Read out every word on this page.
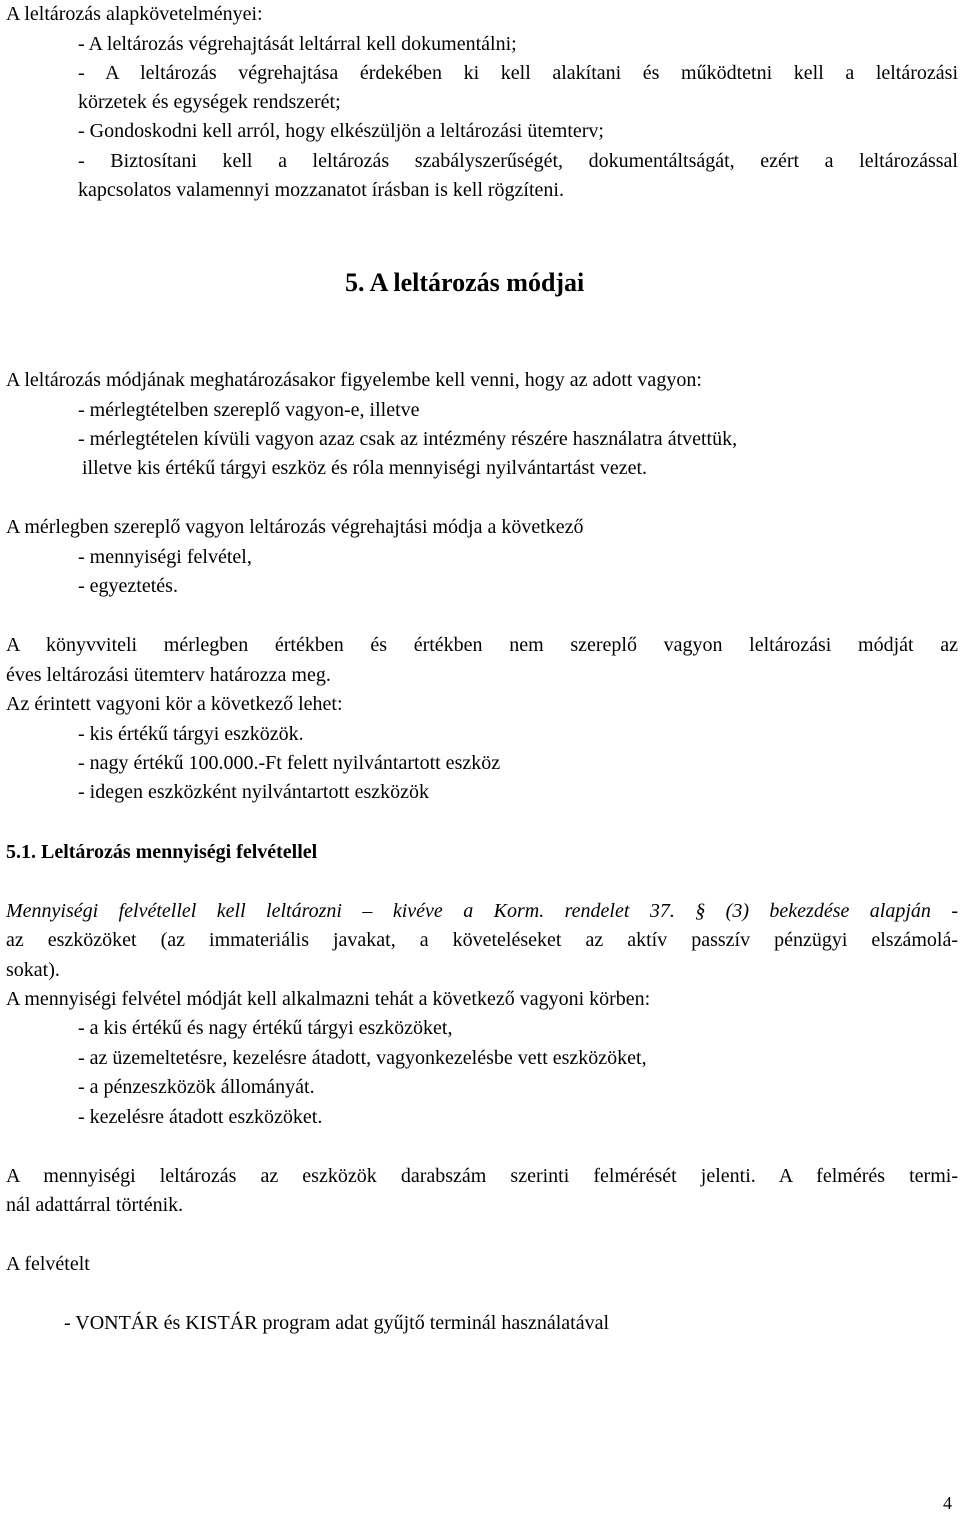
A leltározás alapkövetelményei:
- A leltározás végrehajtását leltárral kell dokumentálni;
- A leltározás végrehajtása érdekében ki kell alakítani és működtetni kell a leltározási
körzetek és egységek rendszerét;
- Gondoskodni kell arról, hogy elkészüljön a leltározási ütemterv;
- Biztosítani kell a leltározás szabályszerűségét, dokumentáltságát, ezért a leltározással
kapcsolatos valamennyi mozzanatot írásban is kell rögzíteni.
5. A leltározás módjai
A leltározás módjának meghatározásakor figyelembe kell venni, hogy az adott vagyon:
- mérlegtételben szereplő vagyon-e, illetve
- mérlegtételen kívüli vagyon azaz csak az intézmény részére használatra átvettük,
illetve kis értékű tárgyi eszköz és róla mennyiségi nyilvántartást vezet.
A mérlegben szereplő vagyon leltározás végrehajtási módja a következő
- mennyiségi felvétel,
- egyeztetés.
A könyvviteli mérlegben értékben és értékben nem szereplő vagyon leltározási módját az
éves leltározási ütemterv határozza meg.
Az érintett vagyoni kör a következő lehet:
- kis értékű tárgyi eszközök.
- nagy értékű 100.000.-Ft felett nyilvántartott eszköz
- idegen eszközként nyilvántartott eszközök
5.1. Leltározás mennyiségi felvétellel
Mennyiségi felvétellel kell leltározni – kivéve a Korm. rendelet 37. § (3) bekezdése alapján -
az eszközöket (az immateriális javakat, a követeléseket az aktív passzív pénzügyi elszámolá-
sokat).
A mennyiségi felvétel módját kell alkalmazni tehát a következő vagyoni körben:
- a kis értékű és nagy értékű tárgyi eszközöket,
- az üzemeltetésre, kezelésre átadott, vagyonkezelésbe vett eszközöket,
- a pénzeszközök állományát.
- kezelésre átadott eszközöket.
A mennyiségi leltározás az eszközök darabszám szerinti felmérését jelenti. A felmérés termi-
nál adattárral történik.
A felvételt
- VONTÁR és KISTÁR program adat gyűjtő terminál használatával
4
